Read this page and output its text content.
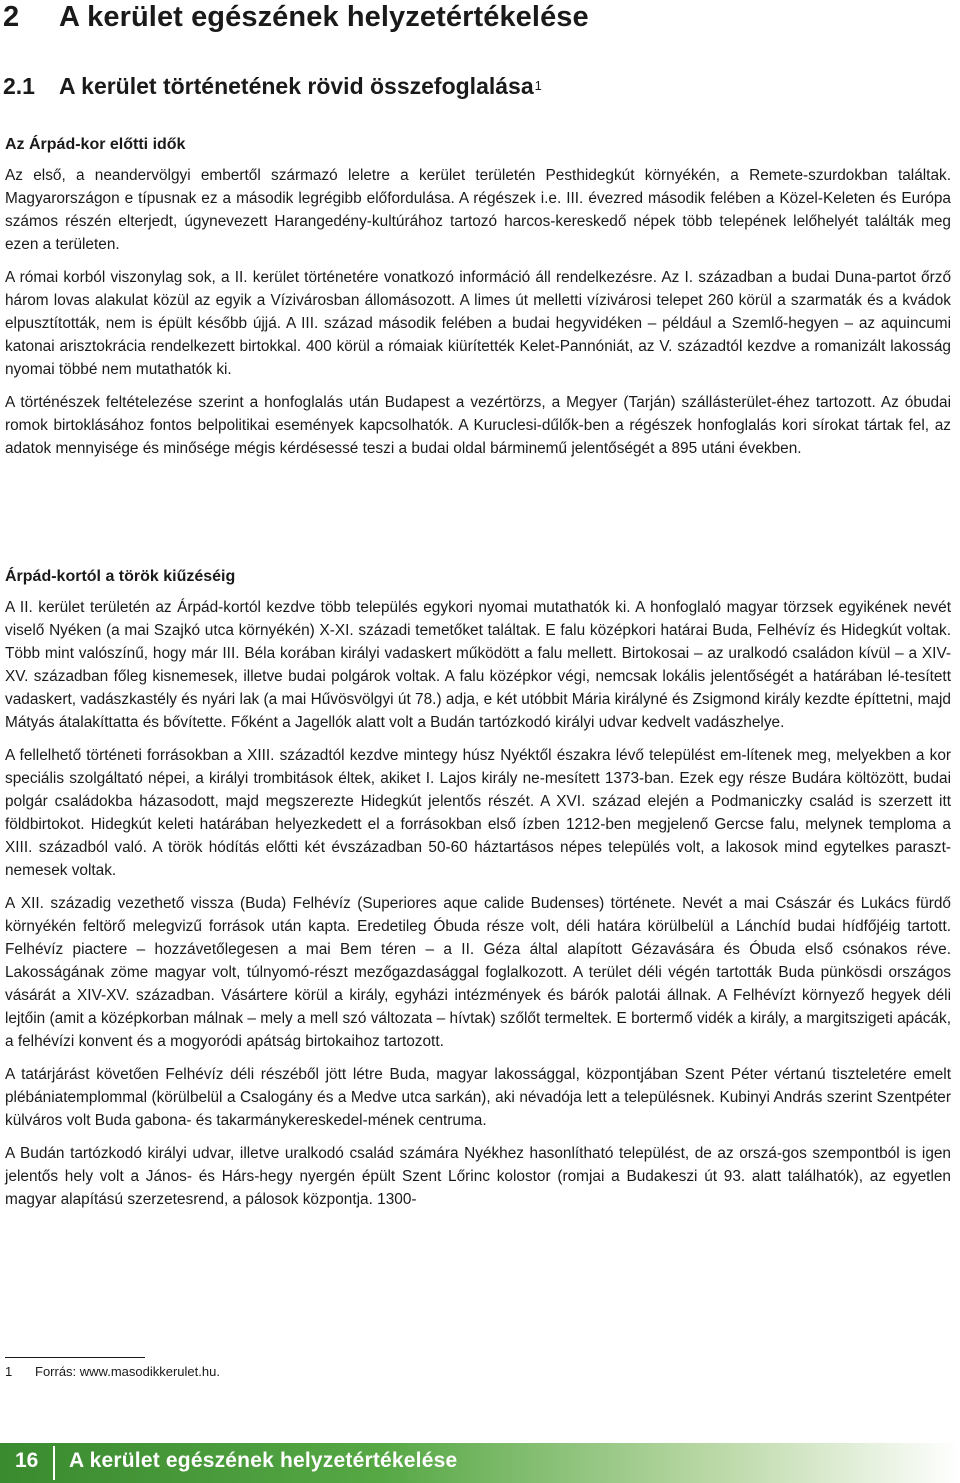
2 A kerület egészének helyzetértékelése
2.1 A kerület történetének rövid összefoglalása$^1$
Az Árpád-kor előtti idők

Az első, a neandervölgyi embertől származó leletre a kerület területén Pesthidegkút környékén, a Remete-szurdokban találtak. Magyarországon e típusnak ez a második legrégibb előfordulása. A régészek i.e. III. évezred második felében a Közel-Keleten és Európa számos részén elterjedt, úgynevezett Harangedény-kultúrához tartozó harcos-kereskedő népek több telepének lelőhelyét találták meg ezen a területen.

A római korból viszonylag sok, a II. kerület történetére vonatkozó információ áll rendelkezésre. Az I. században a budai Duna-partot őrző három lovas alakulat közül az egyik a Vízivárosban állomásozott. A limes út melletti vízivárosi telepet 260 körül a szarmaták és a kvádok elpusztították, nem is épült később újjá. A III. század második felében a budai hegyvidéken – például a Szemlő-hegyen – az aquincumi katonai arisztokrácia rendelkezett birtokkal. 400 körül a rómaiak kiürítették Kelet-Pannóniát, az V. századtól kezdve a romanizált lakosság nyomai többé nem mutathatók ki.

A történészek feltételezése szerint a honfoglalás után Budapest a vezértörzs, a Megyer (Tarján) szállásterület-éhez tartozott. Az óbudai romok birtoklásához fontos belpolitikai események kapcsolhatók. A Kuruclesi-dűlők-ben a régészek honfoglalás kori sírokat tártak fel, az adatok mennyisége és minősége mégis kérdésessé teszi a budai oldal bárminemű jelentőségét a 895 utáni években.

Árpád-kortól a török kiűzéséig

A II. kerület területén az Árpád-kortól kezdve több település egykori nyomai mutathatók ki. A honfoglaló magyar törzsek egyikének nevét viselő Nyéken (a mai Szajkó utca környékén) X-XI. századi temetőket találtak. E falu középkori határai Buda, Felhévíz és Hidegkút voltak. Több mint valószínű, hogy már III. Béla korában királyi vadaskert működött a falu mellett. Birtokosai – az uralkodó családon kívül – a XIV-XV. században főleg kisnemesek, illetve budai polgárok voltak. A falu középkor végi, nemcsak lokális jelentőségét a határában lé-tesített vadaskert, vadászkastély és nyári lak (a mai Hűvösvölgyi út 78.) adja, e két utóbbit Mária királyné és Zsigmond király kezdte építtetni, majd Mátyás átalakíttatta és bővítette. Főként a Jagellók alatt volt a Budán tartózkodó királyi udvar kedvelt vadászhelye.

A fellelhető történeti forrásokban a XIII. századtól kezdve mintegy húsz Nyéktől északra lévő települést em-lítenek meg, melyekben a kor speciális szolgáltató népei, a királyi trombitások éltek, akiket I. Lajos király ne-mesített 1373-ban. Ezek egy része Budára költözött, budai polgár családokba házasodott, majd megszerezte Hidegkút jelentős részét. A XVI. század elején a Podmaniczky család is szerzett itt földbirtokot. Hidegkút keleti határában helyezkedett el a forrásokban első ízben 1212-ben megjelenő Gercse falu, melynek temploma a XIII. századból való. A török hódítás előtti két évszázadban 50-60 háztartásos népes település volt, a lakosok mind egytelkes paraszt-nemesek voltak.

A XII. századig vezethető vissza (Buda) Felhévíz (Superiores aque calide Budenses) története. Nevét a mai Császár és Lukács fürdő környékén feltörő melegvizű források után kapta. Eredetileg Óbuda része volt, déli határa körülbelül a Lánchíd budai hídfőjéig tartott. Felhévíz piactere – hozzávetőlegesen a mai Bem téren – a II. Géza által alapított Gézavására és Óbuda első csónakos réve. Lakosságának zöme magyar volt, túlnyomó-részt mezőgazdasággal foglalkozott. A terület déli végén tartották Buda pünkösdi országos vásárát a XIV-XV. században. Vásártere körül a király, egyházi intézmények és bárók palotái állnak. A Felhévízt környező hegyek déli lejtőin (amit a középkorban málnak – mely a mell szó változata – hívtak) szőlőt termeltek. E bortermő vidék a király, a margitszigeti apácák, a felhévízi konvent és a mogyoródi apátság birtokaihoz tartozott.

A tatárjárást követően Felhévíz déli részéből jött létre Buda, magyar lakossággal, központjában Szent Péter vértanú tiszteletére emelt plébániatemplommal (körülbelül a Csalogány és a Medve utca sarkán), aki névadója lett a településnek. Kubinyi András szerint Szentpéter külváros volt Buda gabona- és takarmánykereskedel-mének centruma.

A Budán tartózkodó királyi udvar, illetve uralkodó család számára Nyékhez hasonlítható települést, de az orszá-gos szempontból is igen jelentős hely volt a János- és Hárs-hegy nyergén épült Szent Lőrinc kolostor (romjai a Budakeszi út 93. alatt találhatók), az egyetlen magyar alapítású szerzetesrend, a pálosok központja. 1300-

1 Forrás: www.masodikkerulet.hu.
16 A kerület egészének helyzetértékelése
